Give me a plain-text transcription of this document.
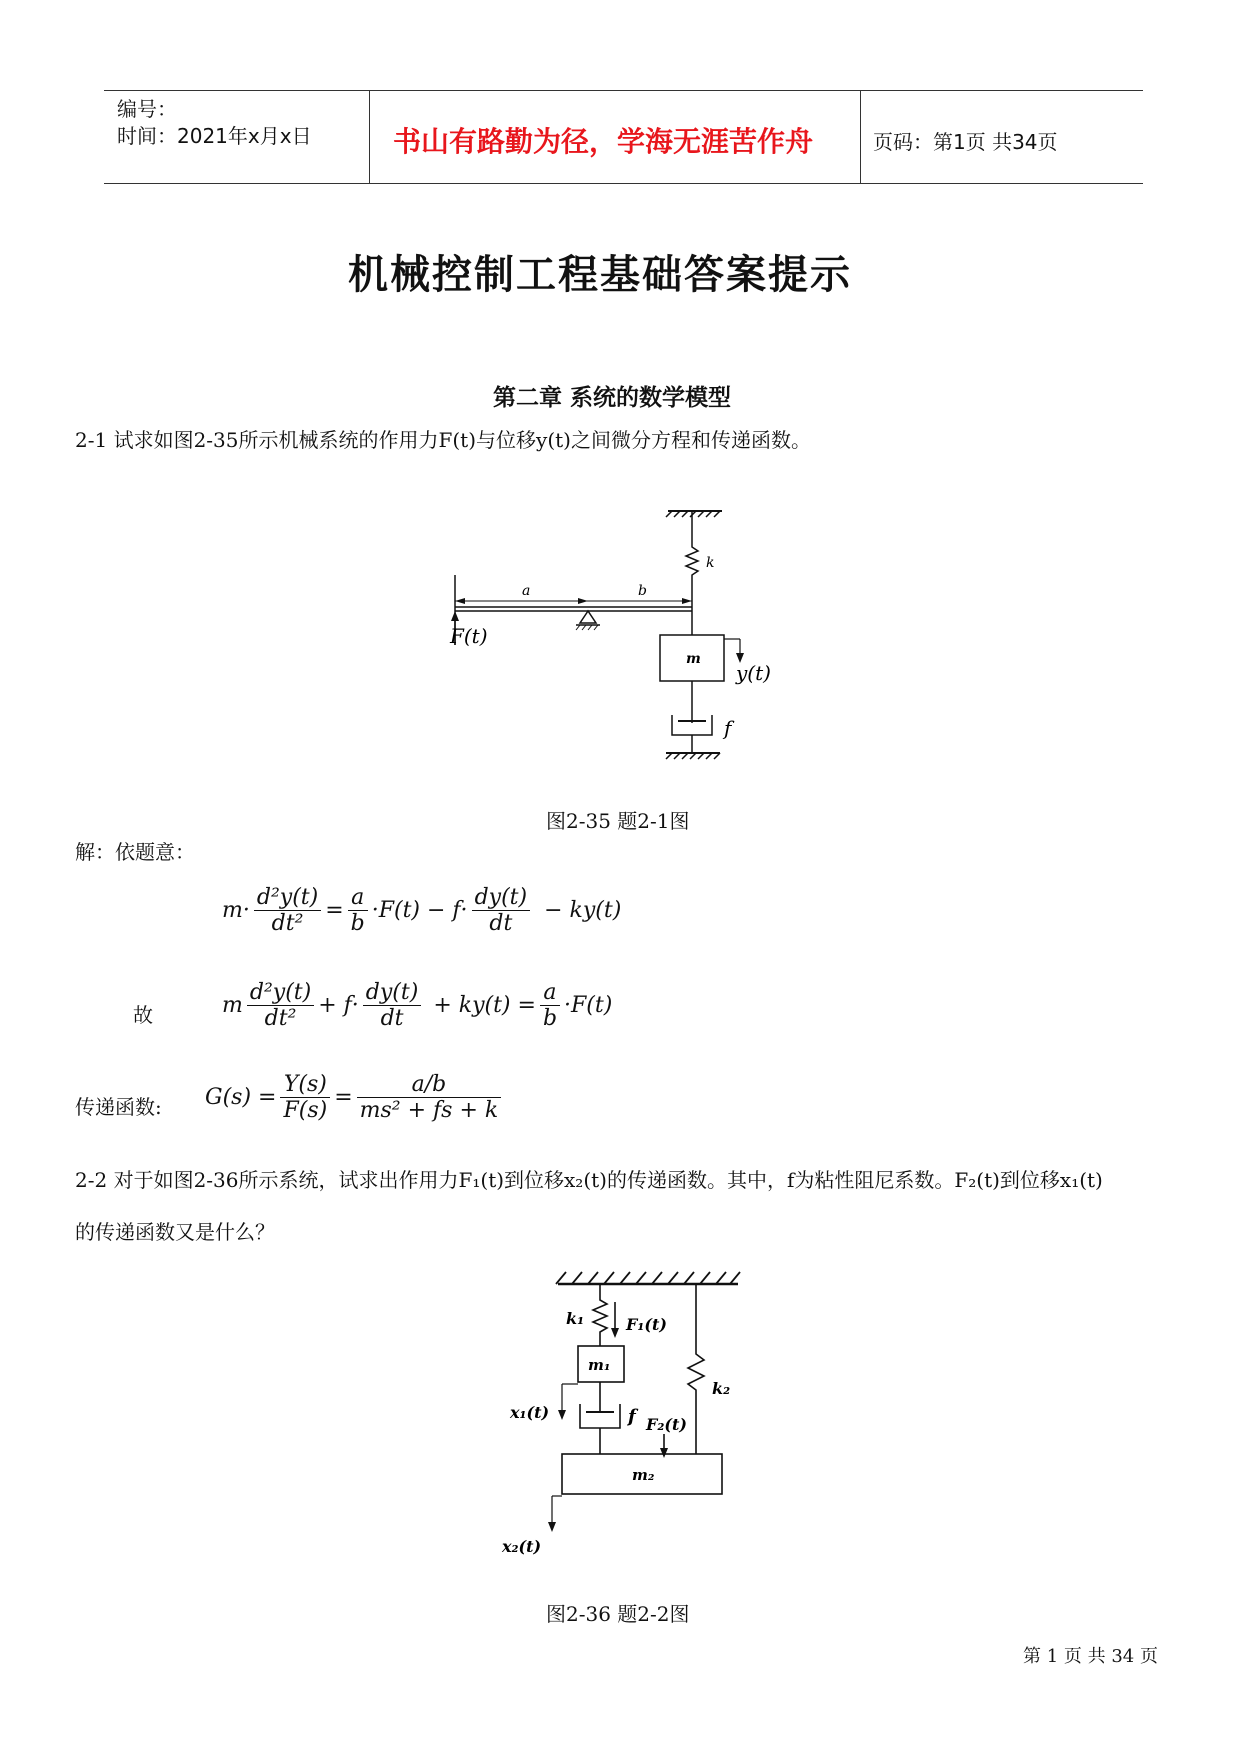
编号：
时间：2021年x月x日	书山有路勤为径，学海无涯苦作舟	页码：第1页 共34页
机械控制工程基础答案提示
第二章 系统的数学模型
2-1 试求如图2-35所示机械系统的作用力F(t)与位移y(t)之间微分方程和传递函数。
k
a	b
F(t)
m
y(t)
f
图2-35 题2-1图
解：依题意：
$m\cdot \frac{\text{d²y(t)}}{\text{dt²}} = \frac{a}{b} \cdot F(t) - f\cdot \frac{dy(t)}{dt} - ky(t)$
故	m $\frac{\text{d²y(t)}}{\text{dt²}} + f\cdot \frac{dy(t)}{dt} + ky(t) = \frac{a}{b} \cdot F(t)$
传递函数: $G(s) = \frac{Y(s)}{F(s)} = \frac{a/b}{\text{ms² + fs + k}}$
2-2 对于如图2-36所示系统，试求出作用力F₁(t)到位移x₂(t)的传递函数。其中，f为粘性阻尼系数。F₂(t)到位移x₁(t)
的传递函数又是什么？
k₁	F₁(t)
m₁
x₁(t)	f F₂(t)
k₂
m₂
x₂(t)
图2-36 题2-2图
第 1 页 共 34 页
